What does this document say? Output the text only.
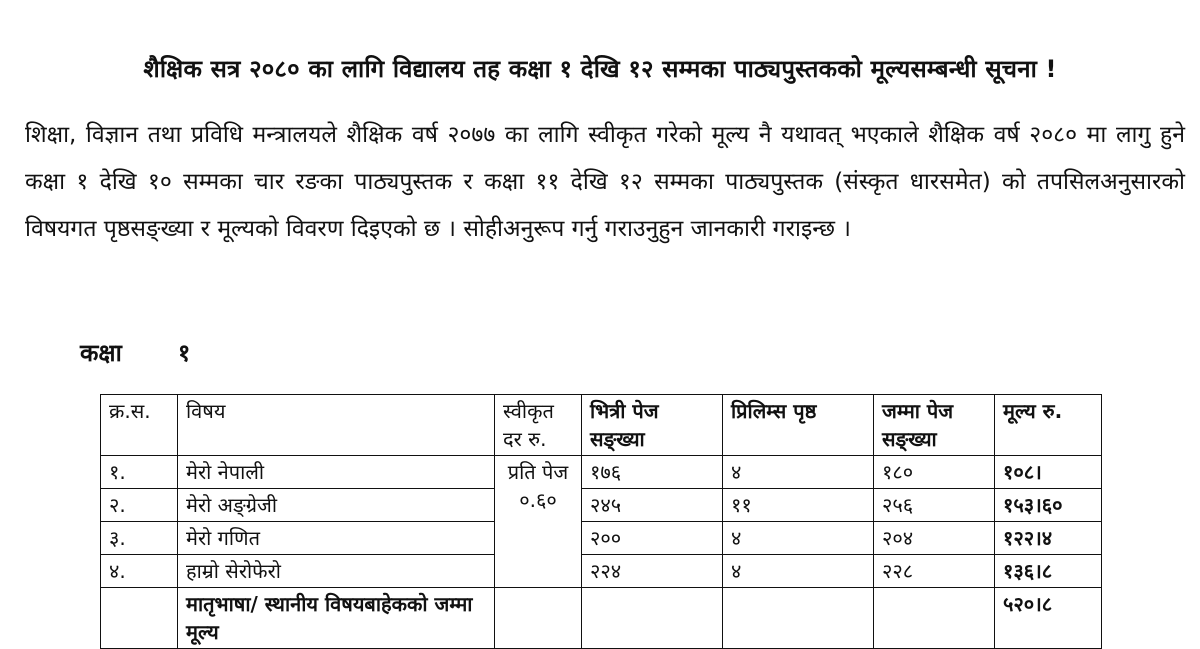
शैक्षिक सत्र २०८० का लागि विद्यालय तह कक्षा १ देखि १२ सम्मका पाठ्यपुस्तकको मूल्यसम्बन्धी सूचना !
शिक्षा, विज्ञान तथा प्रविधि मन्त्रालयले शैक्षिक वर्ष २०७७ का लागि स्वीकृत गरेको मूल्य नै यथावत् भएकाले शैक्षिक वर्ष २०८० मा लागु हुने कक्षा १ देखि १० सम्मका चार रङका पाठ्यपुस्तक र कक्षा ११ देखि १२ सम्मका पाठ्यपुस्तक (संस्कृत धारसमेत) को तपसिलअनुसारको विषयगत पृष्ठसङ्ख्या र मूल्यको विवरण दिइएको छ । सोहीअनुरूप गर्नु गराउनुहुन जानकारी गराइन्छ ।
कक्षा १
क्र.स.	विषय	स्वीकृत दर रु.	भित्री पेज सङ्ख्या	प्रिलिम्स पृष्ठ	जम्मा पेज सङ्ख्या	मूल्य रु.
१.	मेरो नेपाली	प्रति पेज ०.६०	१७६	४	१८०	१०८।
२.	मेरो अङ्ग्रेजी		२४५	११	२५६	१५३।६०
३.	मेरो गणित		२००	४	२०४	१२२।४
४.	हाम्रो सेरोफेरो		२२४	४	२२८	१३६।८
	मातृभाषा/ स्थानीय विषयबाहेकको जम्मा मूल्य					५२०।८
